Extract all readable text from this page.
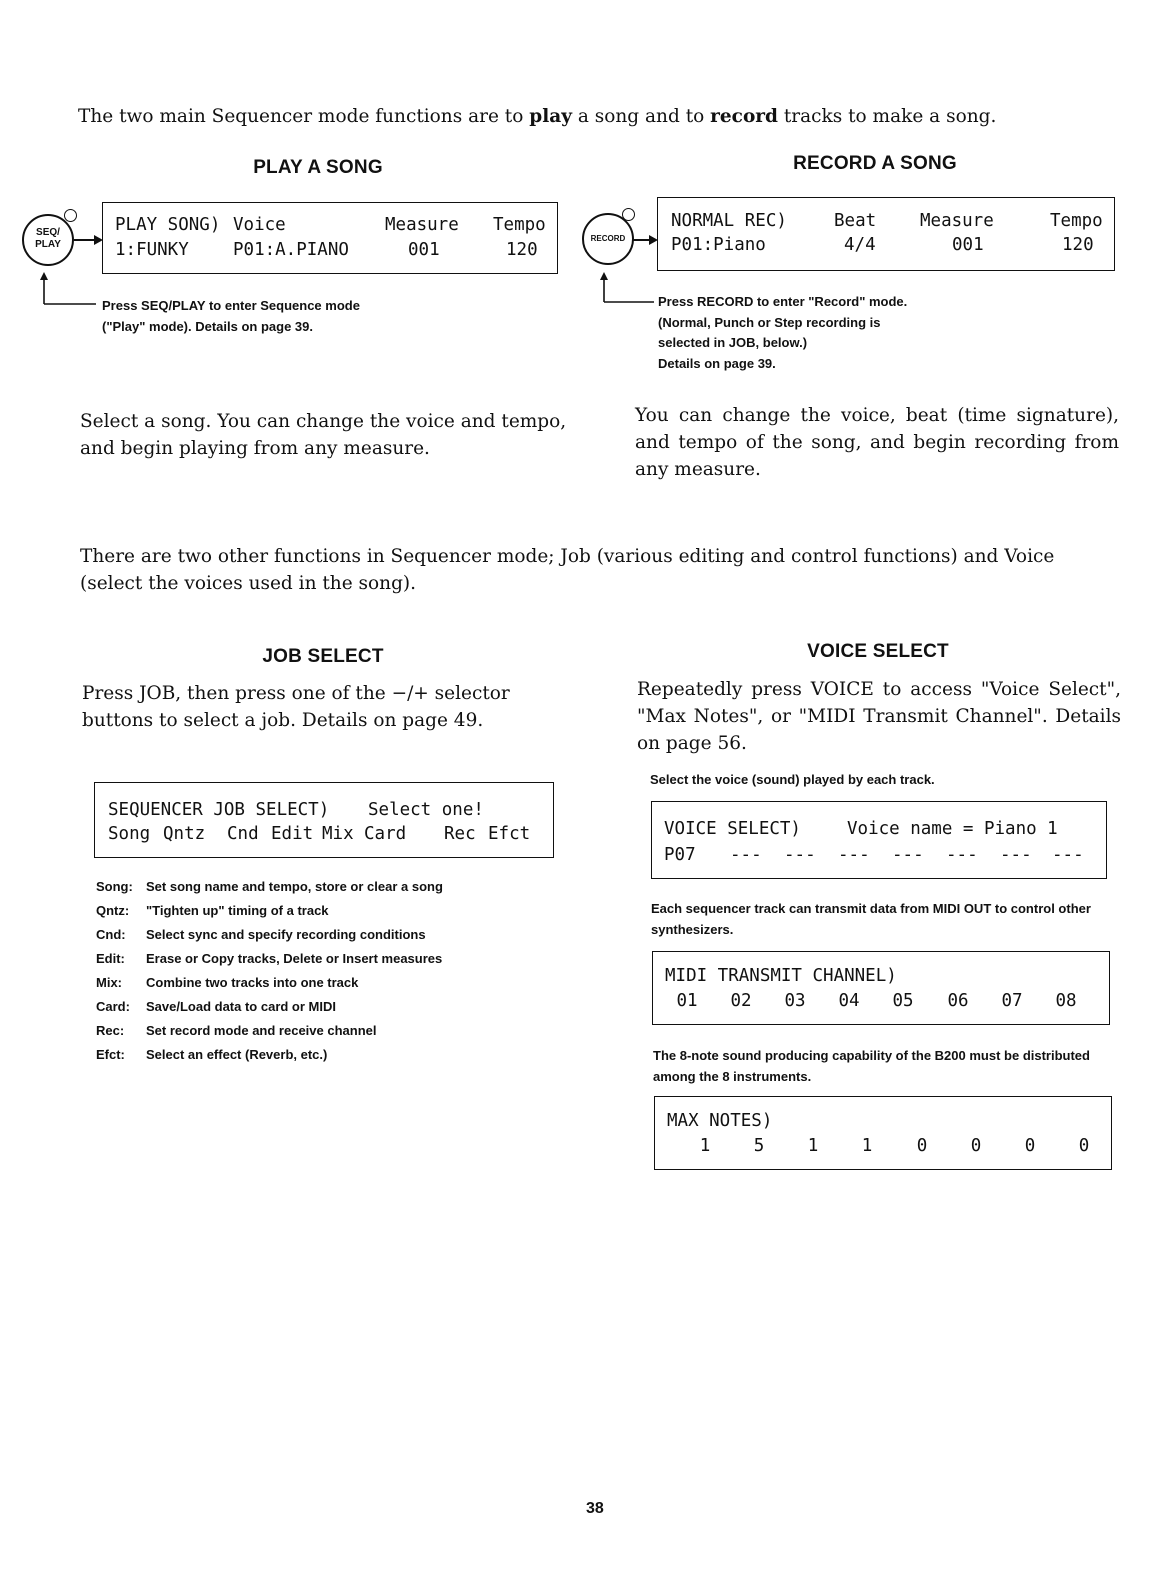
The two main Sequencer mode functions are to play a song and to record tracks to make a song.
PLAY A SONG
SEQ/
PLAY
PLAY SONG) Voice	Measure Tempo
1:FUNKY	P01:A.PIANO	001	120
Press SEQ/PLAY to enter Sequence mode
("Play" mode). Details on page 39.
Select a song. You can change the voice and tempo, and begin playing from any measure.
RECORD A SONG
RECORD
NORMAL REC)	Beat	Measure	Tempo
P01:Piano	4/4	001	120
Press RECORD to enter "Record" mode.
(Normal, Punch or Step recording is
selected in JOB, below.)
Details on page 39.
You can change the voice, beat (time signature), and tempo of the song, and begin recording from any measure.
There are two other functions in Sequencer mode; Job (various editing and control functions) and Voice (select the voices used in the song).
JOB SELECT
Press JOB, then press one of the −/+ selector buttons to select a job. Details on page 49.
SEQUENCER JOB SELECT) Select one!
Song Qntz Cnd Edit Mix Card Rec Efct
Song: Set song name and tempo, store or clear a song
Qntz: "Tighten up" timing of a track
Cnd: Select sync and specify recording conditions
Edit: Erase or Copy tracks, Delete or Insert measures
Mix: Combine two tracks into one track
Card: Save/Load data to card or MIDI
Rec: Set record mode and receive channel
Efct: Select an effect (Reverb, etc.)
VOICE SELECT
Repeatedly press VOICE to access "Voice Select", "Max Notes", or "MIDI Transmit Channel". Details on page 56.
Select the voice (sound) played by each track.
VOICE SELECT)	Voice name = Piano 1
P07 --- --- --- --- --- --- ---
Each sequencer track can transmit data from MIDI OUT to control other synthesizers.
MIDI TRANSMIT CHANNEL)
01	02	03	04	05	06	07	08
The 8-note sound producing capability of the B200 must be distributed among the 8 instruments.
MAX NOTES)
1	5	1	1	0	0	0	0
38
